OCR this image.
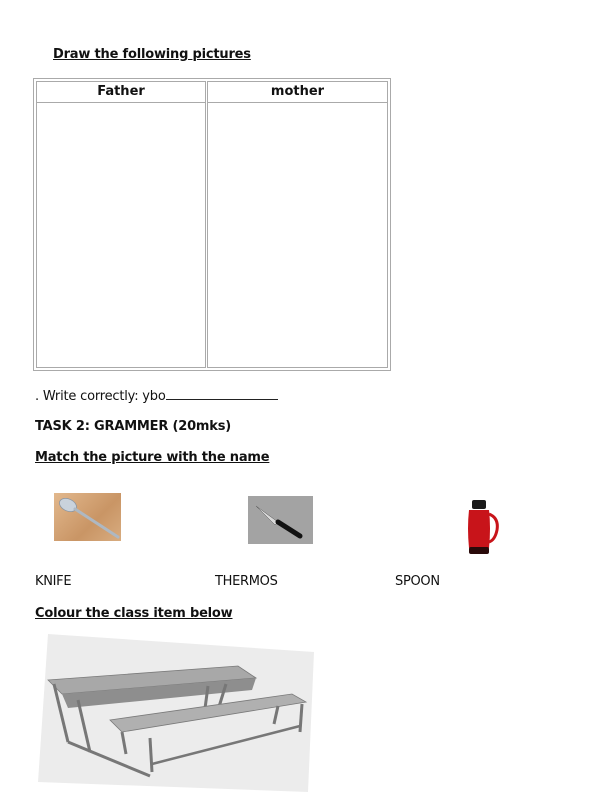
Draw the following pictures
Father	mother
. Write correctly: ybo
TASK 2: GRAMMER (20mks)
Match the picture with the name
KNIFE	THERMOS	SPOON
Colour the class item below
